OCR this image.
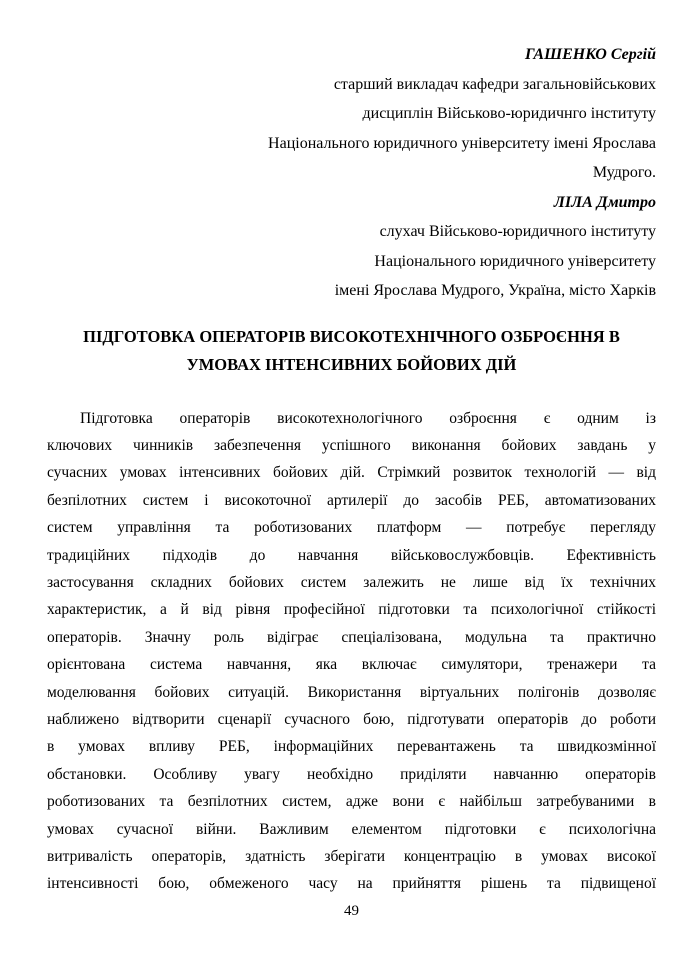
ГАШЕНКО Сергій
старший викладач кафедри загальновійськових
дисциплін Військово-юридичнго інституту
Національного юридичного університету імені Ярослава
Мудрого.
ЛІЛА Дмитро
слухач Військово-юридичного інституту
Національного юридичного університету
імені Ярослава Мудрого, Україна, місто Харків
ПІДГОТОВКА ОПЕРАТОРІВ ВИСОКОТЕХНІЧНОГО ОЗБРОЄННЯ В
УМОВАХ ІНТЕНСИВНИХ БОЙОВИХ ДІЙ
Підготовка операторів високотехнологічного озброєння є одним із
ключових чинників забезпечення успішного виконання бойових завдань у
сучасних умовах інтенсивних бойових дій. Стрімкий розвиток технологій — від
безпілотних систем і високоточної артилерії до засобів РЕБ, автоматизованих
систем управління та роботизованих платформ — потребує перегляду
традиційних підходів до навчання військовослужбовців. Ефективність
застосування складних бойових систем залежить не лише від їх технічних
характеристик, а й від рівня професійної підготовки та психологічної стійкості
операторів. Значну роль відіграє спеціалізована, модульна та практично
орієнтована система навчання, яка включає симулятори, тренажери та
моделювання бойових ситуацій. Використання віртуальних полігонів дозволяє
наближено відтворити сценарії сучасного бою, підготувати операторів до роботи
в умовах впливу РЕБ, інформаційних перевантажень та швидкозмінної
обстановки. Особливу увагу необхідно приділяти навчанню операторів
роботизованих та безпілотних систем, адже вони є найбільш затребуваними в
умовах сучасної війни. Важливим елементом підготовки є психологічна
витривалість операторів, здатність зберігати концентрацію в умовах високої
інтенсивності бою, обмеженого часу на прийняття рішень та підвищеної
49
